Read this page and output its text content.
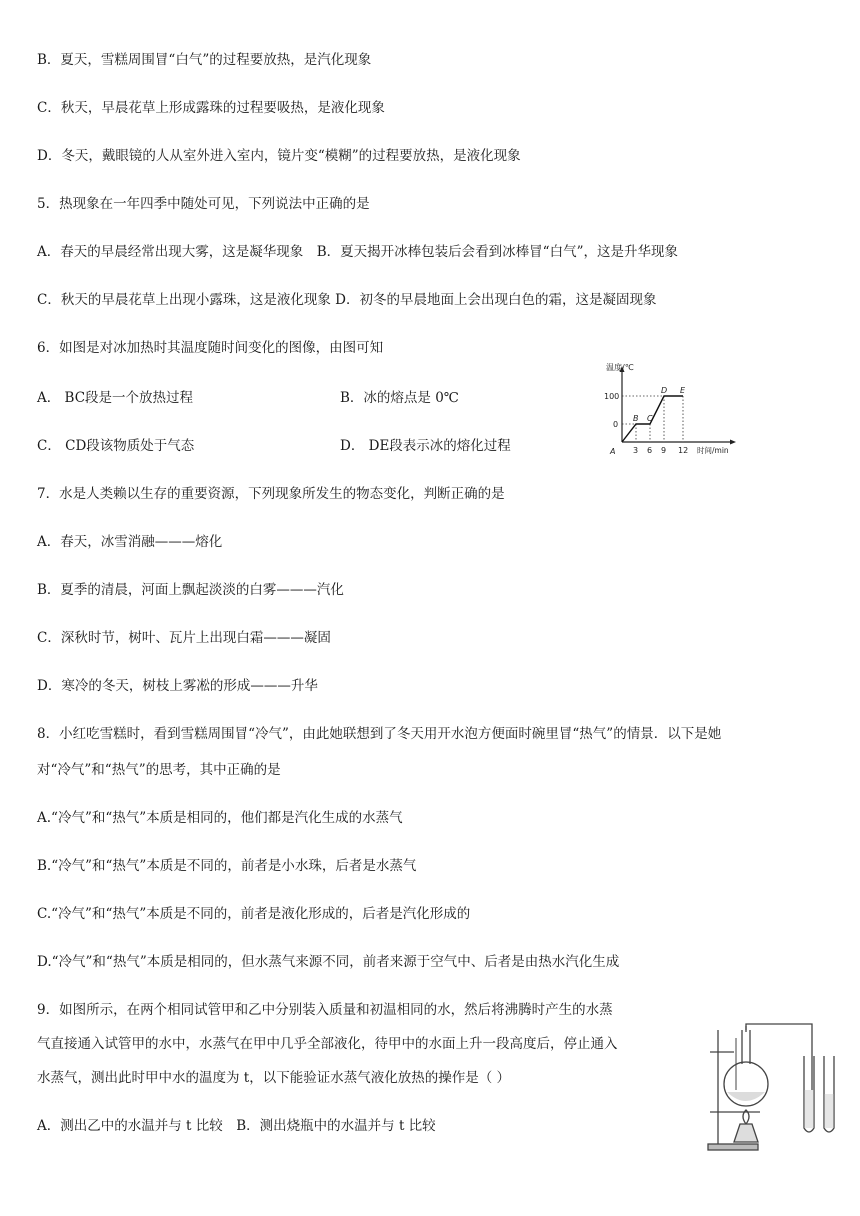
B．夏天，雪糕周围冒“白气”的过程要放热，是汽化现象
C．秋天，早晨花草上形成露珠的过程要吸热，是液化现象
D．冬天，戴眼镜的人从室外进入室内，镜片变“模糊”的过程要放热，是液化现象
5．热现象在一年四季中随处可见，下列说法中正确的是
A．春天的早晨经常出现大雾，这是凝华现象　B．夏天揭开冰棒包装后会看到冰棒冒“白气”，这是升华现象
C．秋天的早晨花草上出现小露珠，这是液化现象 D．初冬的早晨地面上会出现白色的霜，这是凝固现象
6．如图是对冰加热时其温度随时间变化的图像，由图可知
A． BC段是一个放热过程	B．冰的熔点是 0℃
C． CD段该物质处于气态	D． DE段表示冰的熔化过程
温度/℃
100
0
A
B C
D E
3 6 9 12 时间/min
7．水是人类赖以生存的重要资源，下列现象所发生的物态变化，判断正确的是
A．春天，冰雪消融———熔化
B．夏季的清晨，河面上飘起淡淡的白雾———汽化
C．深秋时节，树叶、瓦片上出现白霜———凝固
D．寒冷的冬天，树枝上雾凇的形成———升华
8．小红吃雪糕时，看到雪糕周围冒“冷气”，由此她联想到了冬天用开水泡方便面时碗里冒“热气”的情景．以下是她
对“冷气”和“热气”的思考，其中正确的是
A.“冷气”和“热气”本质是相同的，他们都是汽化生成的水蒸气
B.“冷气”和“热气”本质是不同的，前者是小水珠，后者是水蒸气
C.“冷气”和“热气”本质是不同的，前者是液化形成的，后者是汽化形成的
D.“冷气”和“热气”本质是相同的，但水蒸气来源不同，前者来源于空气中、后者是由热水汽化生成
9．如图所示，在两个相同试管甲和乙中分别装入质量和初温相同的水，然后将沸腾时产生的水蒸
气直接通入试管甲的水中，水蒸气在甲中几乎全部液化，待甲中的水面上升一段高度后，停止通入
水蒸气，测出此时甲中水的温度为 t，以下能验证水蒸气液化放热的操作是（ ）
A．测出乙中的水温并与 t 比较　B．测出烧瓶中的水温并与 t 比较
